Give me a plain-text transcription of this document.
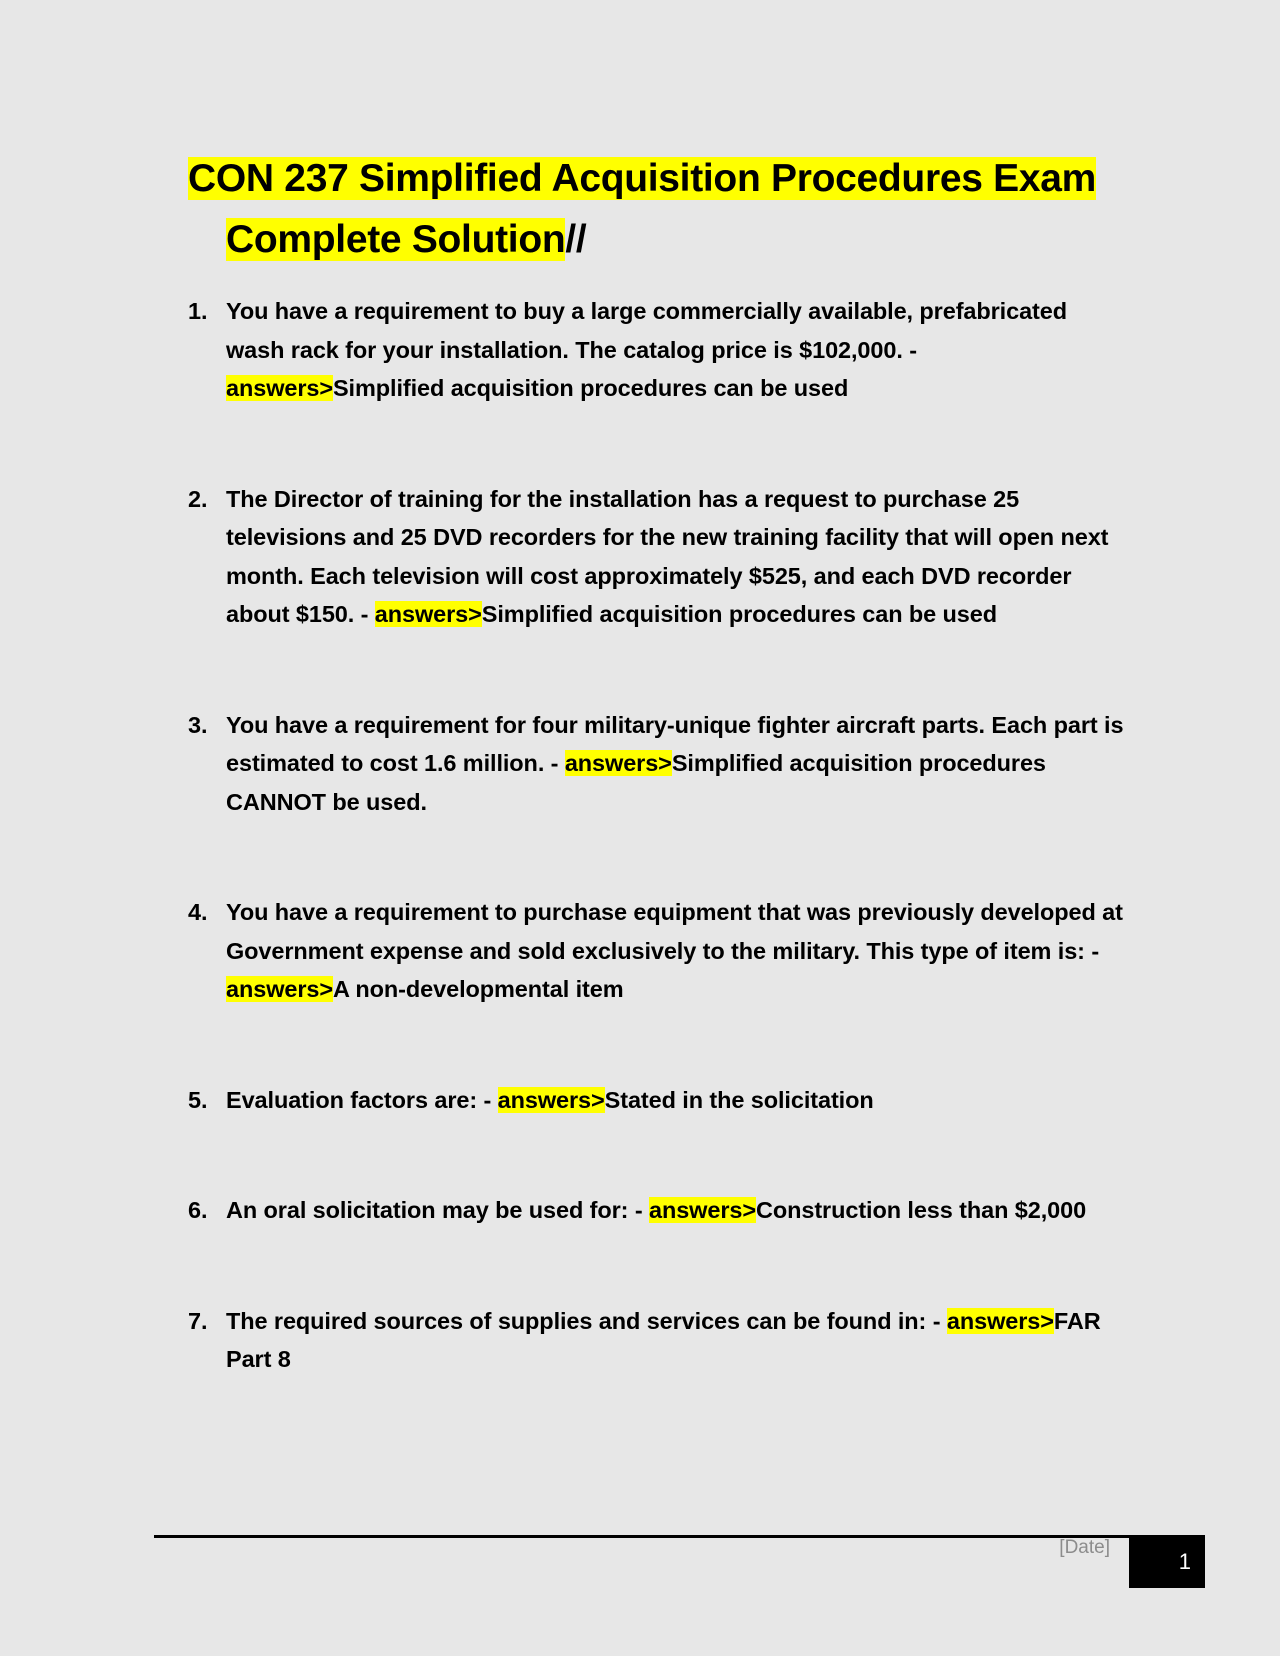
CON 237 Simplified Acquisition Procedures Exam Complete Solution//
1. You have a requirement to buy a large commercially available, prefabricated wash rack for your installation. The catalog price is $102,000. - answers>Simplified acquisition procedures can be used
2. The Director of training for the installation has a request to purchase 25 televisions and 25 DVD recorders for the new training facility that will open next month. Each television will cost approximately $525, and each DVD recorder about $150. - answers>Simplified acquisition procedures can be used
3. You have a requirement for four military-unique fighter aircraft parts. Each part is estimated to cost 1.6 million. - answers>Simplified acquisition procedures CANNOT be used.
4. You have a requirement to purchase equipment that was previously developed at Government expense and sold exclusively to the military. This type of item is: - answers>A non-developmental item
5. Evaluation factors are: - answers>Stated in the solicitation
6. An oral solicitation may be used for: - answers>Construction less than $2,000
7. The required sources of supplies and services can be found in: - answers>FAR Part 8
[Date]
1
